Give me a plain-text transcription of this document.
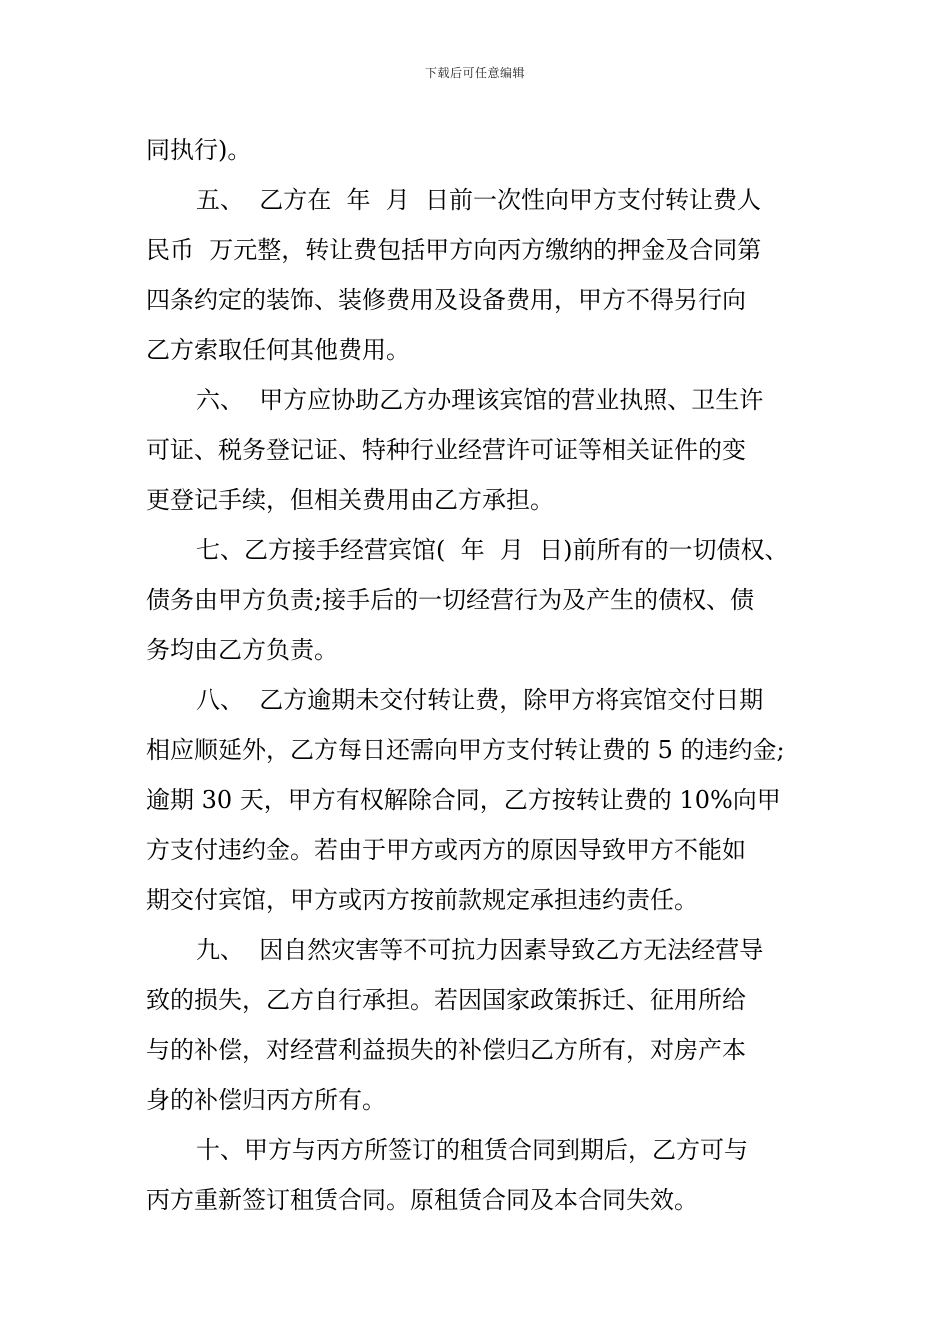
下载后可任意编辑
同执行)。
五、  乙方在  年  月  日前一次性向甲方支付转让费人
民币  万元整，转让费包括甲方向丙方缴纳的押金及合同第
四条约定的装饰、装修费用及设备费用，甲方不得另行向
乙方索取任何其他费用。
六、  甲方应协助乙方办理该宾馆的营业执照、卫生许
可证、税务登记证、特种行业经营许可证等相关证件的变
更登记手续，但相关费用由乙方承担。
七、乙方接手经营宾馆(  年  月  日)前所有的一切债权、
债务由甲方负责;接手后的一切经营行为及产生的债权、债
务均由乙方负责。
八、  乙方逾期未交付转让费，除甲方将宾馆交付日期
相应顺延外，乙方每日还需向甲方支付转让费的 5 的违约金;
逾期 30 天，甲方有权解除合同，乙方按转让费的 10%向甲
方支付违约金。若由于甲方或丙方的原因导致甲方不能如
期交付宾馆，甲方或丙方按前款规定承担违约责任。
九、  因自然灾害等不可抗力因素导致乙方无法经营导
致的损失，乙方自行承担。若因国家政策拆迁、征用所给
与的补偿，对经营利益损失的补偿归乙方所有，对房产本
身的补偿归丙方所有。
十、甲方与丙方所签订的租赁合同到期后，乙方可与
丙方重新签订租赁合同。原租赁合同及本合同失效。
